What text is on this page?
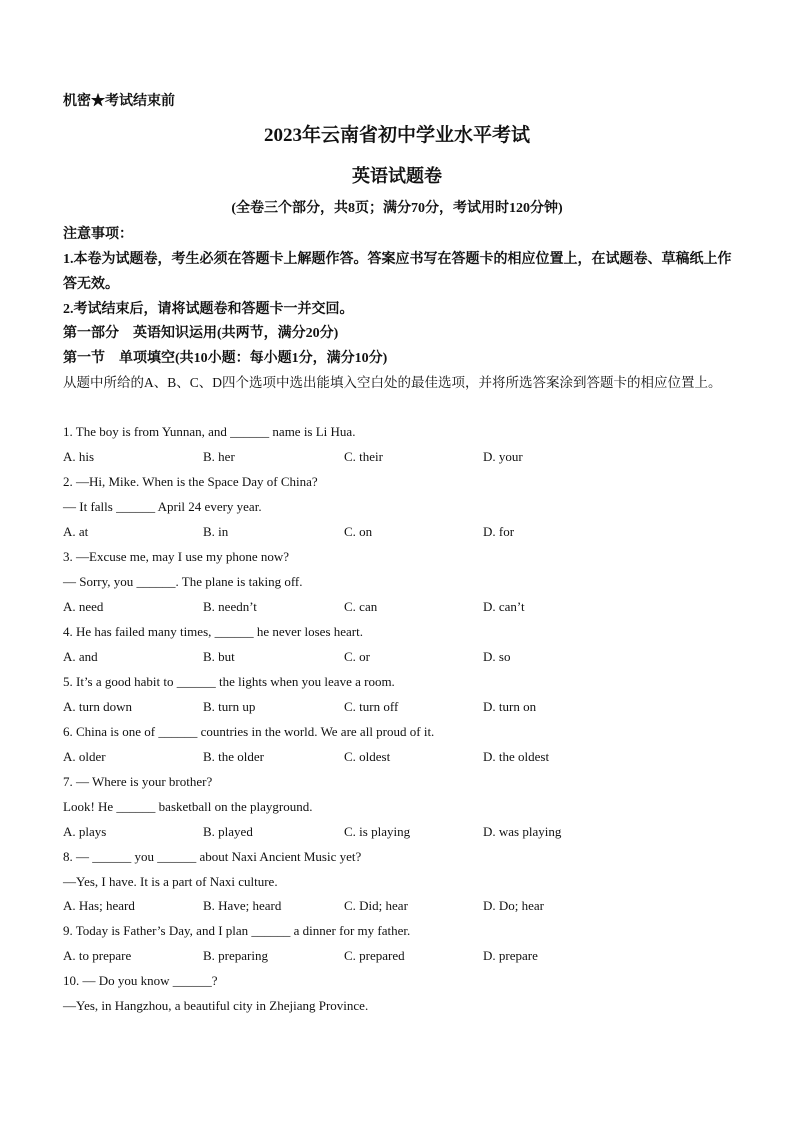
机密★考试结束前
2023年云南省初中学业水平考试
英语试题卷
(全卷三个部分，共8页；满分70分，考试用时120分钟)

注意事项：

1.本卷为试题卷，考生必须在答题卡上解题作答。答案应书写在答题卡的相应位置上，在试题卷、草稿纸上作答无效。

2.考试结束后，请将试题卷和答题卡一并交回。

第一部分　英语知识运用(共两节，满分20分)
第一节　单项填空(共10小题：每小题1分，满分10分)
从题中所给的A、B、C、D四个选项中选出能填入空白处的最佳选项，并将所选答案涂到答题卡的相应位置上。
1. The boy is from Yunnan, and ______ name is Li Hua.
A. his	B. her	C. their	D. your
2. —Hi, Mike. When is the Space Day of China?
— It falls ______ April 24 every year.
A. at	B. in	C. on	D. for
3. —Excuse me, may I use my phone now?
— Sorry, you ______. The plane is taking off.
A. need	B. needn’t	C. can	D. can’t
4. He has failed many times, ______ he never loses heart.
A. and	B. but	C. or	D. so
5. It’s a good habit to ______ the lights when you leave a room.
A. turn down	B. turn up	C. turn off	D. turn on
6. China is one of ______ countries in the world. We are all proud of it.
A. older	B. the older	C. oldest	D. the oldest
7. — Where is your brother?
Look! He ______ basketball on the playground.
A. plays	B. played	C. is playing	D. was playing
8. — ______ you ______ about Naxi Ancient Music yet?
—Yes, I have. It is a part of Naxi culture.
A. Has; heard	B. Have; heard	C. Did; hear	D. Do; hear
9. Today is Father’s Day, and I plan ______ a dinner for my father.
A. to prepare	B. preparing	C. prepared	D. prepare
10. — Do you know ______?
—Yes, in Hangzhou, a beautiful city in Zhejiang Province.
